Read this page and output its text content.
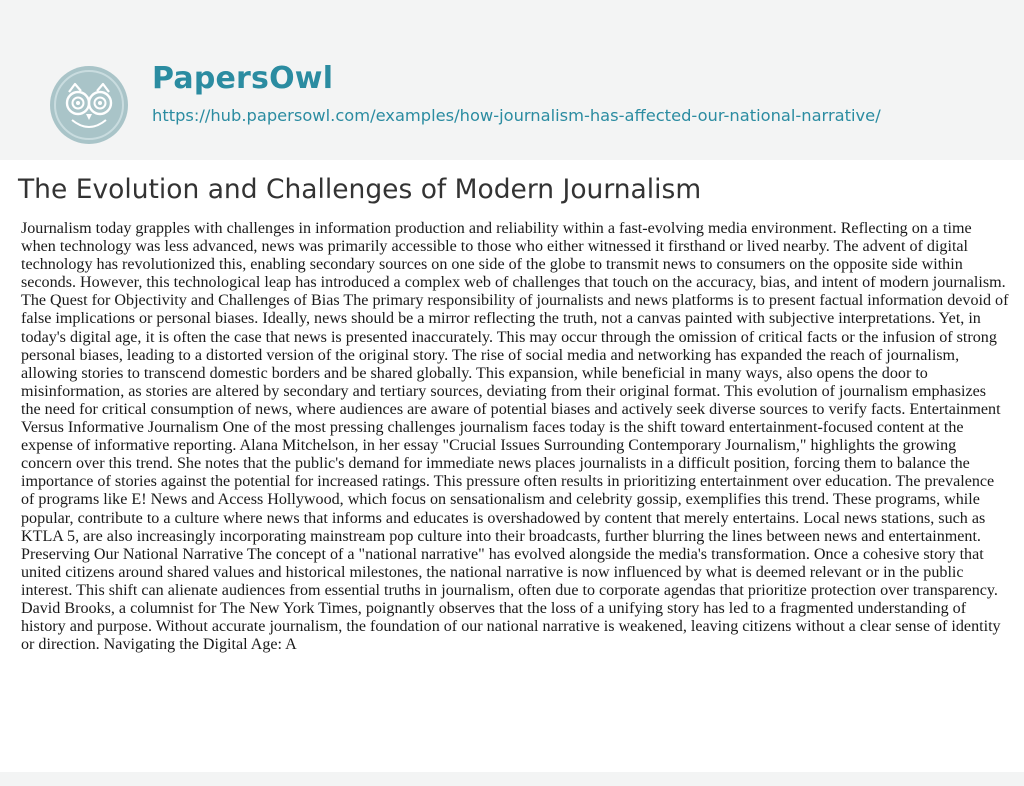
PapersOwl
https://hub.papersowl.com/examples/how-journalism-has-affected-our-national-narrative/
The Evolution and Challenges of Modern Journalism

Journalism today grapples with challenges in information production and reliability within a fast-evolving media environment. Reflecting on a time when technology was less advanced, news was primarily accessible to those who either witnessed it firsthand or lived nearby. The advent of digital technology has revolutionized this, enabling secondary sources on one side of the globe to transmit news to consumers on the opposite side within seconds. However, this technological leap has introduced a complex web of challenges that touch on the accuracy, bias, and intent of modern journalism. The Quest for Objectivity and Challenges of Bias The primary responsibility of journalists and news platforms is to present factual information devoid of false implications or personal biases. Ideally, news should be a mirror reflecting the truth, not a canvas painted with subjective interpretations. Yet, in today's digital age, it is often the case that news is presented inaccurately. This may occur through the omission of critical facts or the infusion of strong personal biases, leading to a distorted version of the original story. The rise of social media and networking has expanded the reach of journalism, allowing stories to transcend domestic borders and be shared globally. This expansion, while beneficial in many ways, also opens the door to misinformation, as stories are altered by secondary and tertiary sources, deviating from their original format. This evolution of journalism emphasizes the need for critical consumption of news, where audiences are aware of potential biases and actively seek diverse sources to verify facts. Entertainment Versus Informative Journalism One of the most pressing challenges journalism faces today is the shift toward entertainment-focused content at the expense of informative reporting. Alana Mitchelson, in her essay "Crucial Issues Surrounding Contemporary Journalism," highlights the growing concern over this trend. She notes that the public's demand for immediate news places journalists in a difficult position, forcing them to balance the importance of stories against the potential for increased ratings. This pressure often results in prioritizing entertainment over education. The prevalence of programs like E! News and Access Hollywood, which focus on sensationalism and celebrity gossip, exemplifies this trend. These programs, while popular, contribute to a culture where news that informs and educates is overshadowed by content that merely entertains. Local news stations, such as KTLA 5, are also increasingly incorporating mainstream pop culture into their broadcasts, further blurring the lines between news and entertainment. Preserving Our National Narrative The concept of a "national narrative" has evolved alongside the media's transformation. Once a cohesive story that united citizens around shared values and historical milestones, the national narrative is now influenced by what is deemed relevant or in the public interest. This shift can alienate audiences from essential truths in journalism, often due to corporate agendas that prioritize protection over transparency. David Brooks, a columnist for The New York Times, poignantly observes that the loss of a unifying story has led to a fragmented understanding of history and purpose. Without accurate journalism, the foundation of our national narrative is weakened, leaving citizens without a clear sense of identity or direction. Navigating the Digital Age: A
